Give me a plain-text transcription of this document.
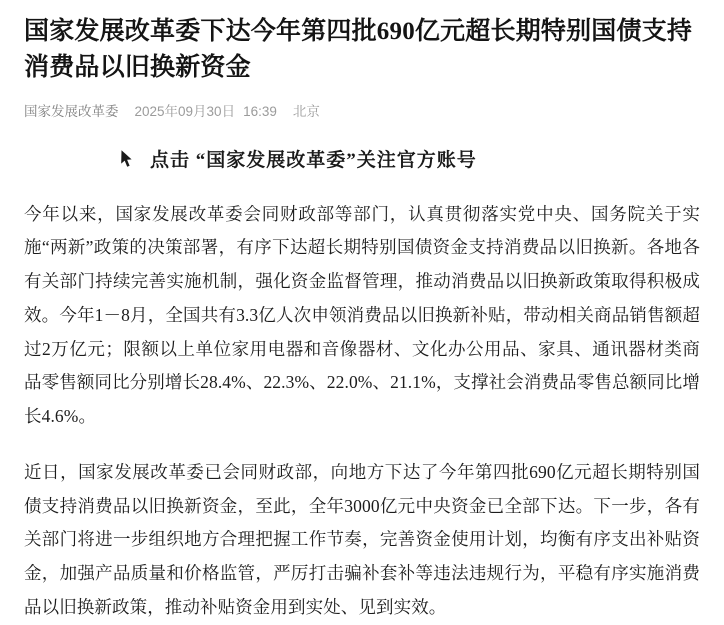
国家发展改革委下达今年第四批690亿元超长期特别国债支持消费品以旧换新资金
国家发展改革委 2025年09月30日 16:39 北京
点击 “国家发展改革委”关注官方账号

今年以来，国家发展改革委会同财政部等部门，认真贯彻落实党中央、国务院关于实施“两新”政策的决策部署，有序下达超长期特别国债资金支持消费品以旧换新。各地各有关部门持续完善实施机制，强化资金监督管理，推动消费品以旧换新政策取得积极成效。今年1－8月，全国共有3.3亿人次申领消费品以旧换新补贴，带动相关商品销售额超过2万亿元；限额以上单位家用电器和音像器材、文化办公用品、家具、通讯器材类商品零售额同比分别增长28.4%、22.3%、22.0%、21.1%，支撑社会消费品零售总额同比增长4.6%。

近日，国家发展改革委已会同财政部，向地方下达了今年第四批690亿元超长期特别国债支持消费品以旧换新资金，至此，全年3000亿元中央资金已全部下达。下一步，各有关部门将进一步组织地方合理把握工作节奏，完善资金使用计划，均衡有序支出补贴资金，加强产品质量和价格监管，严厉打击骗补套补等违法违规行为，平稳有序实施消费品以旧换新政策，推动补贴资金用到实处、见到实效。
